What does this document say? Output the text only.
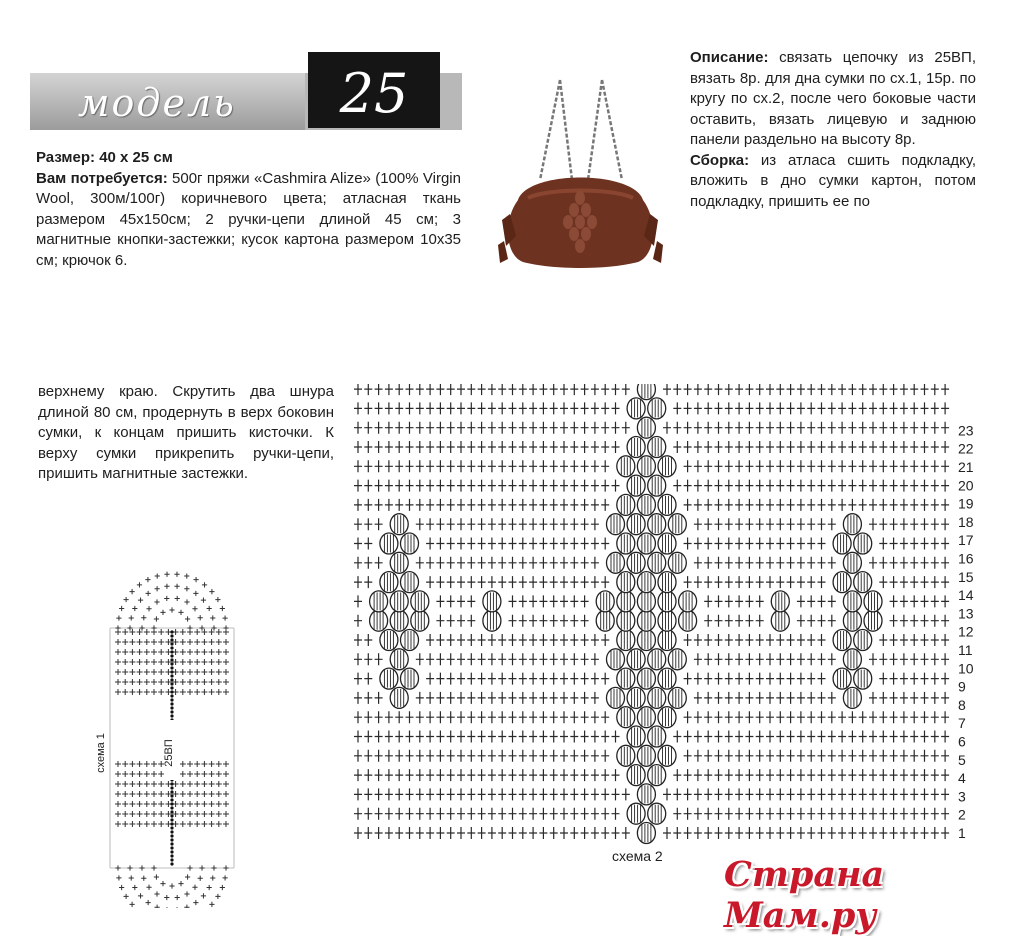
модель	25
Размер: 40 х 25 см
Вам потребуется: 500г пряжи «Cashmira Alize» (100% Virgin Wool, 300м/100г) коричневого цвета; атласная ткань размером 45х150см; 2 ручки-цепи длиной 45 см; 3 магнитные кнопки-застежки; кусок картона размером 10х35 см; крючок 6.
Описание: связать цепочку из 25ВП, вязать 8р. для дна сумки по сх.1, 15р. по кругу по сх.2, после чего боковые части оставить, вязать лицевую и заднюю панели раздельно на высоту 8р.
Сборка: из атласа сшить подкладку, вложить в дно сумки картон, потом подкладку, пришить ее по
верхнему краю. Скрутить два шнура длиной 80 см, продернуть в верх боковин сумки, к концам пришить кисточки. К верху сумки прикрепить ручки-цепи, пришить магнитные застежки.
1
2
3
4
5
6
7
8
9
10
11
12
13
14
15
16
17
18
19
20
21
22
23
схема 2
схема 1	25ВП
Страна Мам.ру
